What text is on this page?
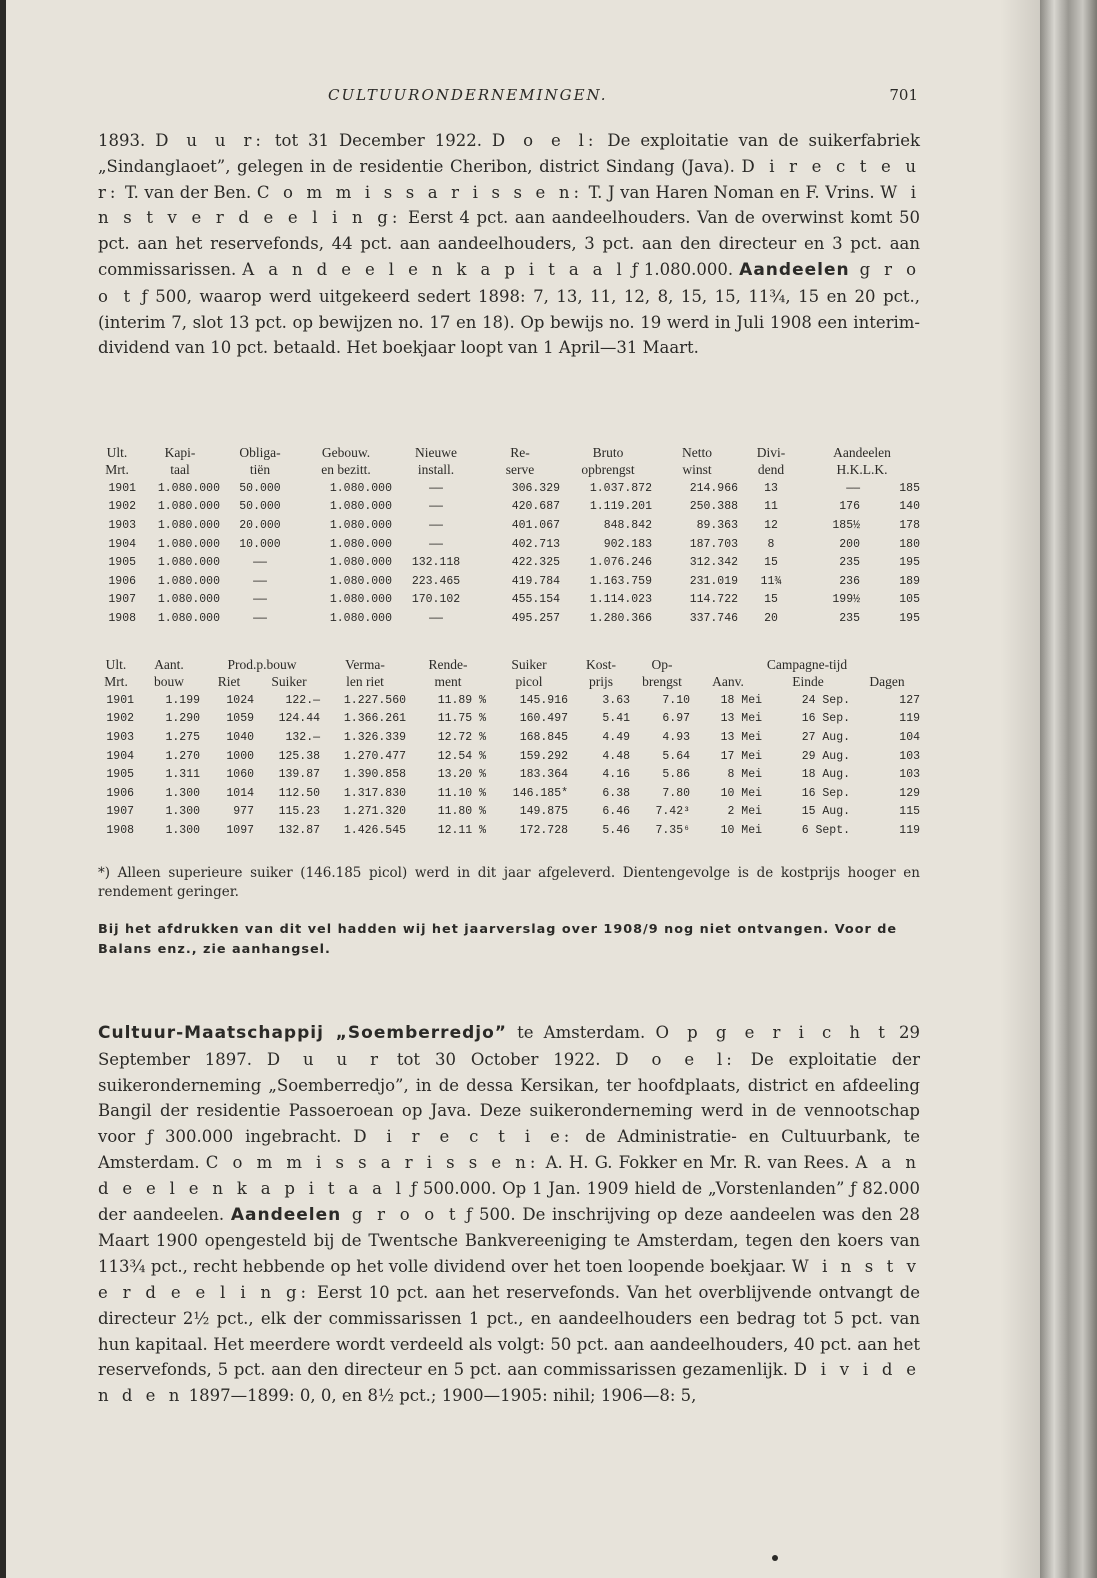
CULTUURONDERNEMINGEN.	701

1893. D u u r: tot 31 December 1922. D o e l: De exploitatie van de suikerfabriek „Sindanglaoet”, gelegen in de residentie Cheribon, district Sindang (Java). D i r e c t e u r: T. van der Ben. C o m m i s s a r i s s e n: T. J van Haren Noman en F. Vrins. W i n s t v e r d e e l i n g: Eerst 4 pct. aan aandeelhouders. Van de overwinst komt 50 pct. aan het reservefonds, 44 pct. aan aandeelhouders, 3 pct. aan den directeur en 3 pct. aan commissarissen. A a n d e e l e n k a p i t a a l ƒ 1.080.000. Aandeelen g r o o t ƒ 500, waarop werd uitgekeerd sedert 1898: 7, 13, 11, 12, 8, 15, 15, 11¾, 15 en 20 pct., (interim 7, slot 13 pct. op bewijzen no. 17 en 18). Op bewijs no. 19 werd in Juli 1908 een interim-dividend van 10 pct. betaald. Het boekjaar loopt van 1 April—31 Maart.

Ult.	Kapi-	Obliga-	Gebouw.	Nieuwe	Re-	Bruto	Netto	Divi-	Aandeelen	
Mrt.	taal	tiën	en bezitt.	install.	serve	opbrengst	winst	dend	H.K.L.K.	
1901	1.080.000	50.000	1.080.000	——	306.329	1.037.872	214.966	13	——	185
1902	1.080.000	50.000	1.080.000	——	420.687	1.119.201	250.388	11	176	140
1903	1.080.000	20.000	1.080.000	——	401.067	848.842	89.363	12	185½	178
1904	1.080.000	10.000	1.080.000	——	402.713	902.183	187.703	8	200	180
1905	1.080.000	——	1.080.000	132.118	422.325	1.076.246	312.342	15	235	195
1906	1.080.000	——	1.080.000	223.465	419.784	1.163.759	231.019	11¾	236	189
1907	1.080.000	——	1.080.000	170.102	455.154	1.114.023	114.722	15	199½	105
1908	1.080.000	——	1.080.000	——	495.257	1.280.366	337.746	20	235	195
Ult.	Aant.	Prod.p.bouw		Verma-	Rende-	Suiker	Kost-	Op-	Campagne-tijd		
Mrt.	bouw	Riet	Suiker	len riet	ment	picol	prijs	brengst	Aanv.	Einde	Dagen
1901	1.199	1024	122.—	1.227.560	11.89 %	145.916	3.63	7.10	18 Mei	24 Sep.	127
1902	1.290	1059	124.44	1.366.261	11.75 %	160.497	5.41	6.97	13 Mei	16 Sep.	119
1903	1.275	1040	132.—	1.326.339	12.72 %	168.845	4.49	4.93	13 Mei	27 Aug.	104
1904	1.270	1000	125.38	1.270.477	12.54 %	159.292	4.48	5.64	17 Mei	29 Aug.	103
1905	1.311	1060	139.87	1.390.858	13.20 %	183.364	4.16	5.86	8 Mei	18 Aug.	103
1906	1.300	1014	112.50	1.317.830	11.10 %	146.185*	6.38	7.80	10 Mei	16 Sep.	129
1907	1.300	977	115.23	1.271.320	11.80 %	149.875	6.46	7.42³	2 Mei	15 Aug.	115
1908	1.300	1097	132.87	1.426.545	12.11 %	172.728	5.46	7.35⁶	10 Mei	6 Sept.	119

*) Alleen superieure suiker (146.185 picol) werd in dit jaar afgeleverd. Dientengevolge is de kostprijs hooger en rendement geringer.

Bij het afdrukken van dit vel hadden wij het jaarverslag over 1908/9 nog niet ontvangen. Voor de Balans enz., zie aanhangsel.

Cultuur-Maatschappij „Soemberredjo” te Amsterdam. O p g e r i c h t 29 September 1897. D u u r tot 30 October 1922. D o e l: De exploitatie der suikeronderneming „Soemberredjo”, in de dessa Kersikan, ter hoofdplaats, district en afdeeling Bangil der residentie Passoeroean op Java. Deze suikeronderneming werd in de vennootschap voor ƒ 300.000 ingebracht. D i r e c t i e: de Administratie- en Cultuurbank, te Amsterdam. C o m m i s s a r i s s e n: A. H. G. Fokker en Mr. R. van Rees. A a n d e e l e n k a p i t a a l ƒ 500.000. Op 1 Jan. 1909 hield de „Vorstenlanden” ƒ 82.000 der aandeelen. Aandeelen g r o o t ƒ 500. De inschrijving op deze aandeelen was den 28 Maart 1900 opengesteld bij de Twentsche Bankvereeniging te Amsterdam, tegen den koers van 113¾ pct., recht hebbende op het volle dividend over het toen loopende boekjaar. W i n s t v e r d e e l i n g: Eerst 10 pct. aan het reservefonds. Van het overblijvende ontvangt de directeur 2½ pct., elk der commissarissen 1 pct., en aandeelhouders een bedrag tot 5 pct. van hun kapitaal. Het meerdere wordt verdeeld als volgt: 50 pct. aan aandeelhouders, 40 pct. aan het reservefonds, 5 pct. aan den directeur en 5 pct. aan commissarissen gezamenlijk. D i v i d e n d e n 1897—1899: 0, 0, en 8½ pct.; 1900—1905: nihil; 1906—8: 5,
